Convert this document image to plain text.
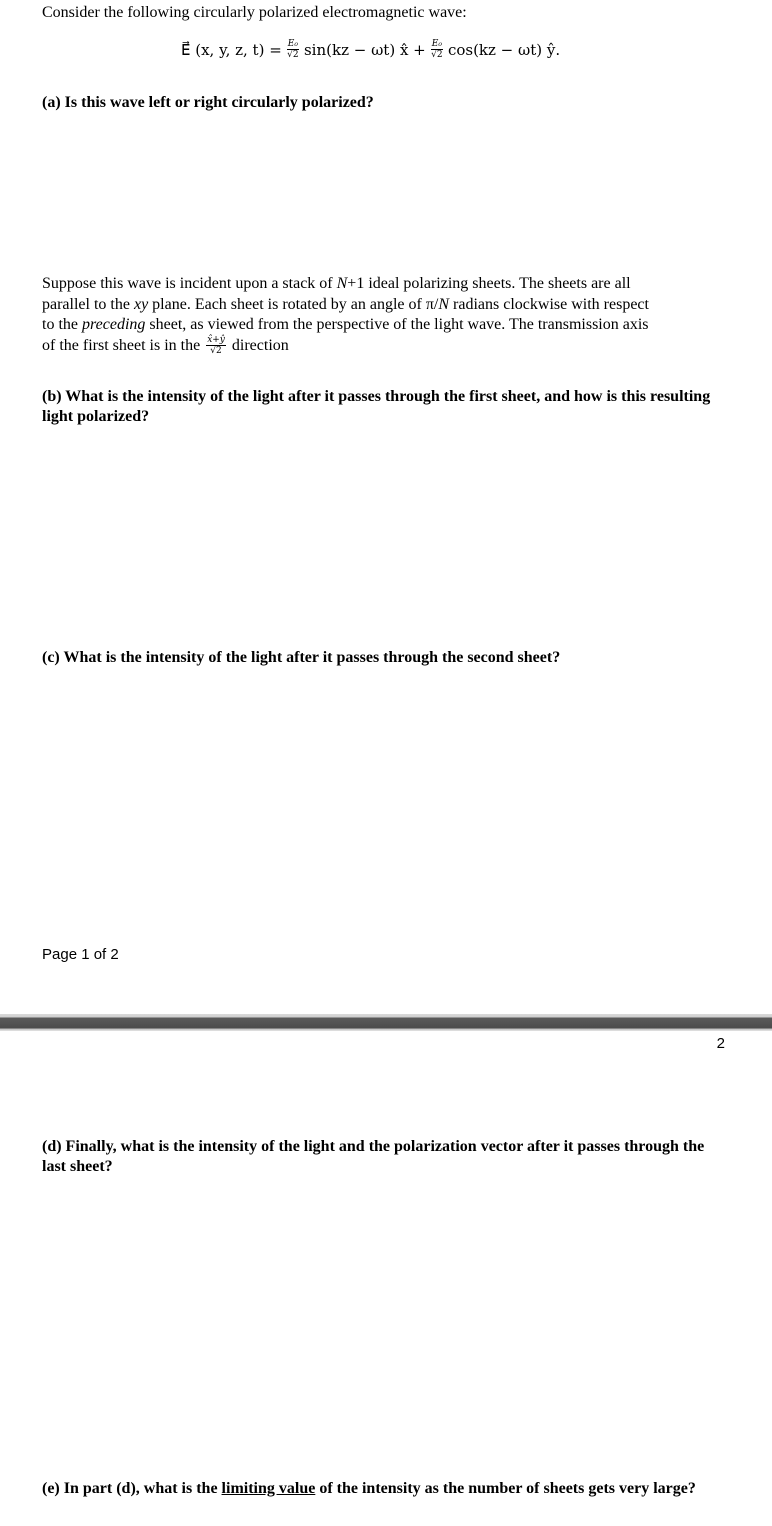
Consider the following circularly polarized electromagnetic wave:
E⃗ (x, y, z, $t) = \frac{\text{E₀}}{√2} \sin(kz - \omega t)$ x̂ + $\frac{\text{E₀}}{√2} \cos(kz - \omega t)$ ŷ.
(a) Is this wave left or right circularly polarized?
Suppose this wave is incident upon a stack of N+1 ideal polarizing sheets. The sheets are all
parallel to the xy plane. Each sheet is rotated by an angle of π/N radians clockwise with respect
to the preceding sheet, as viewed from the perspective of the light wave. The transmission axis
of the first sheet is in the $\frac{x̂+ŷ}{√2}$ direction
(b) What is the intensity of the light after it passes through the first sheet, and how is this resulting light polarized?
(c) What is the intensity of the light after it passes through the second sheet?
Page 1 of 2
2
(d) Finally, what is the intensity of the light and the polarization vector after it passes through the last sheet?
(e) In part (d), what is the limiting value of the intensity as the number of sheets gets very large?
